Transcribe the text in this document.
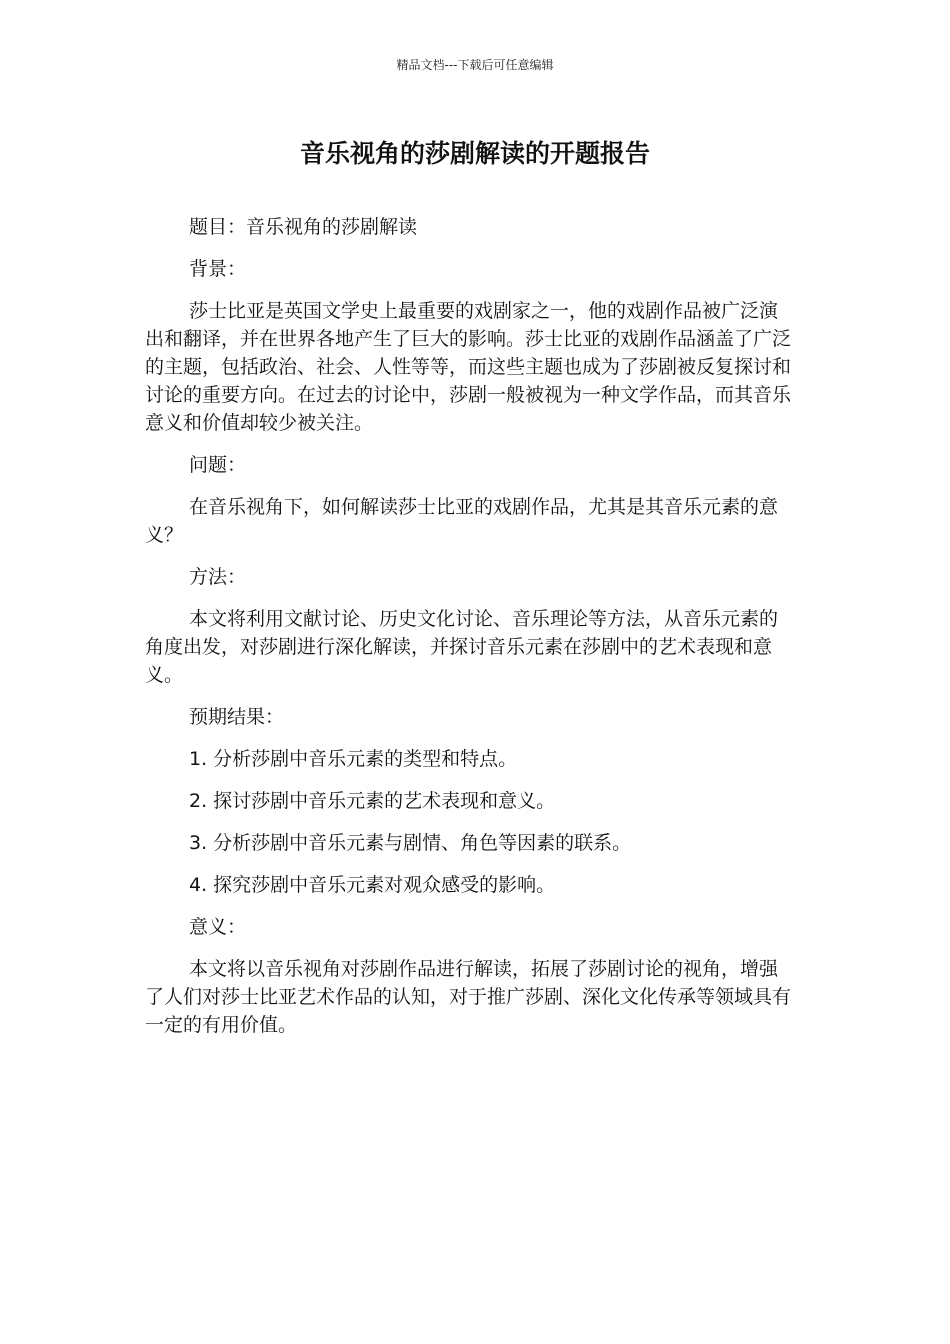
精品文档---下载后可任意编辑
音乐视角的莎剧解读的开题报告

题目：音乐视角的莎剧解读

背景：

莎士比亚是英国文学史上最重要的戏剧家之一，他的戏剧作品被广泛演出和翻译，并在世界各地产生了巨大的影响。莎士比亚的戏剧作品涵盖了广泛的主题，包括政治、社会、人性等等，而这些主题也成为了莎剧被反复探讨和讨论的重要方向。在过去的讨论中，莎剧一般被视为一种文学作品，而其音乐意义和价值却较少被关注。

问题：

在音乐视角下，如何解读莎士比亚的戏剧作品，尤其是其音乐元素的意义？

方法：

本文将利用文献讨论、历史文化讨论、音乐理论等方法，从音乐元素的角度出发，对莎剧进行深化解读，并探讨音乐元素在莎剧中的艺术表现和意义。

预期结果：

1. 分析莎剧中音乐元素的类型和特点。

2. 探讨莎剧中音乐元素的艺术表现和意义。

3. 分析莎剧中音乐元素与剧情、角色等因素的联系。

4. 探究莎剧中音乐元素对观众感受的影响。

意义：

本文将以音乐视角对莎剧作品进行解读，拓展了莎剧讨论的视角，增强了人们对莎士比亚艺术作品的认知，对于推广莎剧、深化文化传承等领域具有一定的有用价值。
